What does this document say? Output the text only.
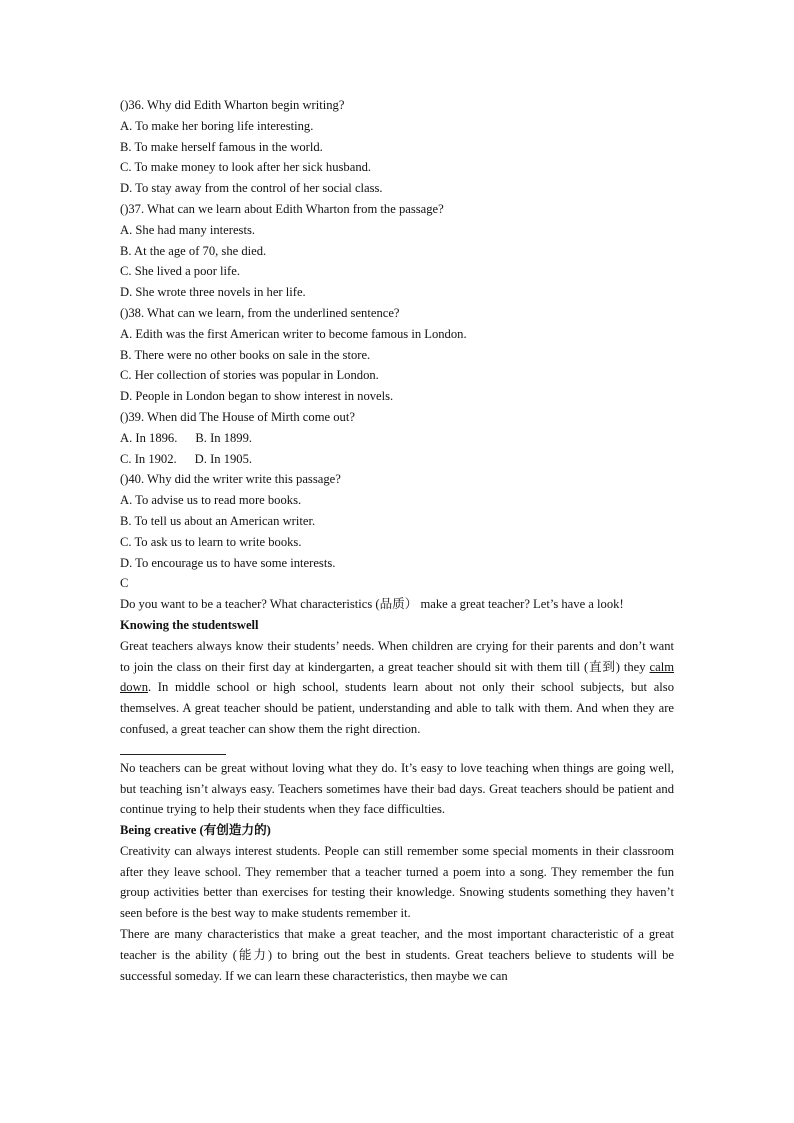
()36. Why did Edith Wharton begin writing?
A. To make her boring life interesting.
B. To make herself famous in the world.
C. To make money to look after her sick husband.
D. To stay away from the control of her social class.
()37. What can we learn about Edith Wharton from the passage?
A. She had many interests.
B. At the age of 70, she died.
C. She lived a poor life.
D. She wrote three novels in her life.
()38. What can we learn, from the underlined sentence?
A. Edith was the first American writer to become famous in London.
B. There were no other books on sale in the store.
C. Her collection of stories was popular in London.
D. People in London began to show interest in novels.
()39. When did The House of Mirth come out?
A. In 1896. B. In 1899.
C. In 1902. D. In 1905.
()40. Why did the writer write this passage?
A. To advise us to read more books.
B. To tell us about an American writer.
C. To ask us to learn to write books.
D. To encourage us to have some interests.
C
Do you want to be a teacher? What characteristics (品质） make a great teacher? Let’s have a look!
Knowing the studentswell
Great teachers always know their students’ needs. When children are crying for their parents and don’t want to join the class on their first day at kindergarten, a great teacher should sit with them till (直到) they calm down. In middle school or high school, students learn about not only their school subjects, but also themselves. A great teacher should be patient, understanding and able to talk with them. And when they are confused, a great teacher can show them the right direction.
No teachers can be great without loving what they do. It’s easy to love teaching when things are going well, but teaching isn’t always easy. Teachers sometimes have their bad days. Great teachers should be patient and continue trying to help their students when they face difficulties.
Being creative (有创造力的)
Creativity can always interest students. People can still remember some special moments in their classroom after they leave school. They remember that a teacher turned a poem into a song. They remember the fun group activities better than exercises for testing their knowledge. Snowing students something they haven’t seen before is the best way to make students remember it.
There are many characteristics that make a great teacher, and the most important characteristic of a great teacher is the ability (能力) to bring out the best in students. Great teachers believe to students will be successful someday. If we can learn these characteristics, then maybe we can
